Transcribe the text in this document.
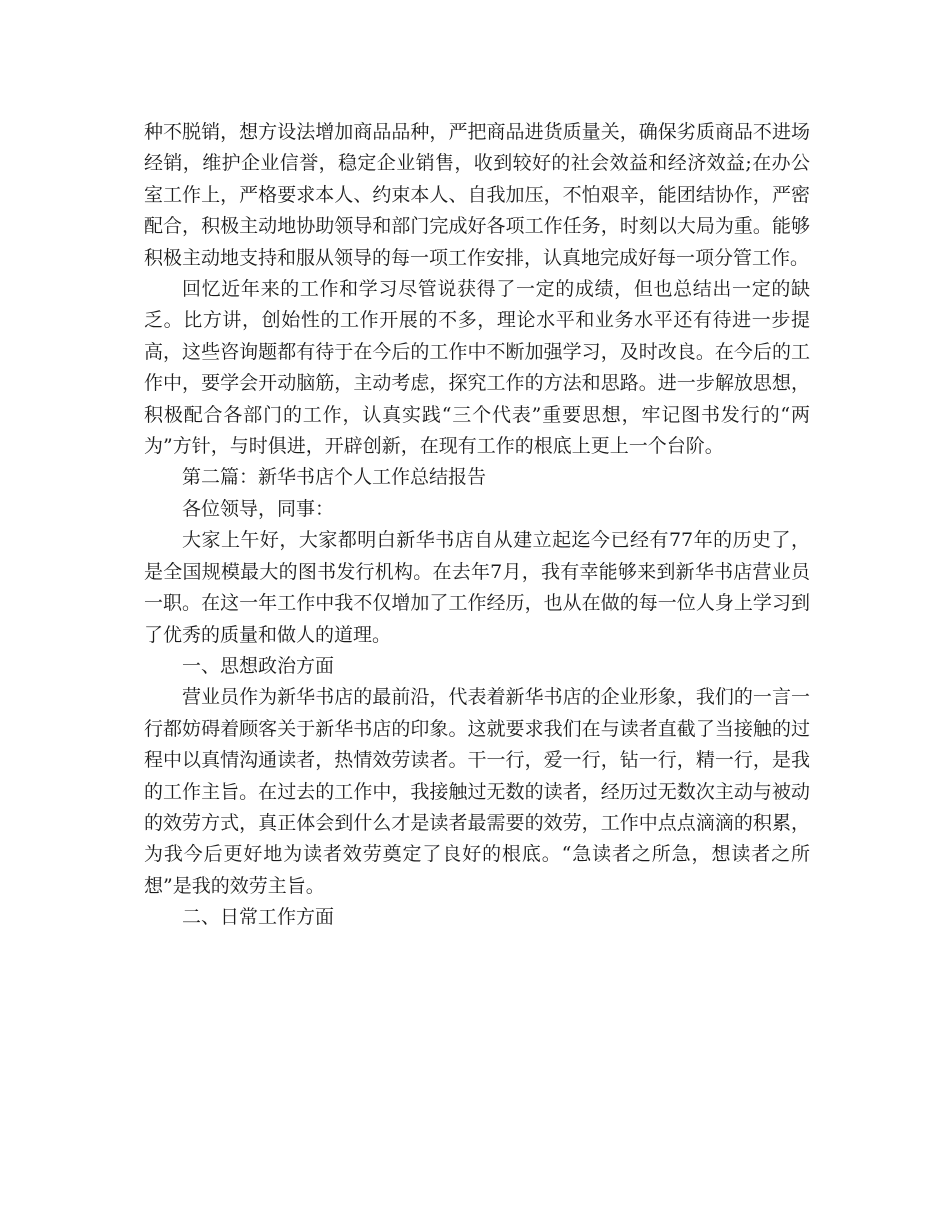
种不脱销，想方设法增加商品品种，严把商品进货质量关，确保劣质商品不进场经销，维护企业信誉，稳定企业销售，收到较好的社会效益和经济效益;在办公室工作上，严格要求本人、约束本人、自我加压，不怕艰辛，能团结协作，严密配合，积极主动地协助领导和部门完成好各项工作任务，时刻以大局为重。能够积极主动地支持和服从领导的每一项工作安排，认真地完成好每一项分管工作。

回忆近年来的工作和学习尽管说获得了一定的成绩，但也总结出一定的缺乏。比方讲，创始性的工作开展的不多，理论水平和业务水平还有待进一步提高，这些咨询题都有待于在今后的工作中不断加强学习，及时改良。在今后的工作中，要学会开动脑筋，主动考虑，探究工作的方法和思路。进一步解放思想，积极配合各部门的工作，认真实践“三个代表”重要思想，牢记图书发行的“两为”方针，与时俱进，开辟创新，在现有工作的根底上更上一个台阶。

第二篇：新华书店个人工作总结报告

各位领导，同事：

大家上午好，大家都明白新华书店自从建立起迄今已经有77年的历史了，是全国规模最大的图书发行机构。在去年7月，我有幸能够来到新华书店营业员一职。在这一年工作中我不仅增加了工作经历，也从在做的每一位人身上学习到了优秀的质量和做人的道理。

一、思想政治方面

营业员作为新华书店的最前沿，代表着新华书店的企业形象，我们的一言一行都妨碍着顾客关于新华书店的印象。这就要求我们在与读者直截了当接触的过程中以真情沟通读者，热情效劳读者。干一行，爱一行，钻一行，精一行，是我的工作主旨。在过去的工作中，我接触过无数的读者，经历过无数次主动与被动的效劳方式，真正体会到什么才是读者最需要的效劳，工作中点点滴滴的积累，为我今后更好地为读者效劳奠定了良好的根底。“急读者之所急，想读者之所想”是我的效劳主旨。

二、日常工作方面
